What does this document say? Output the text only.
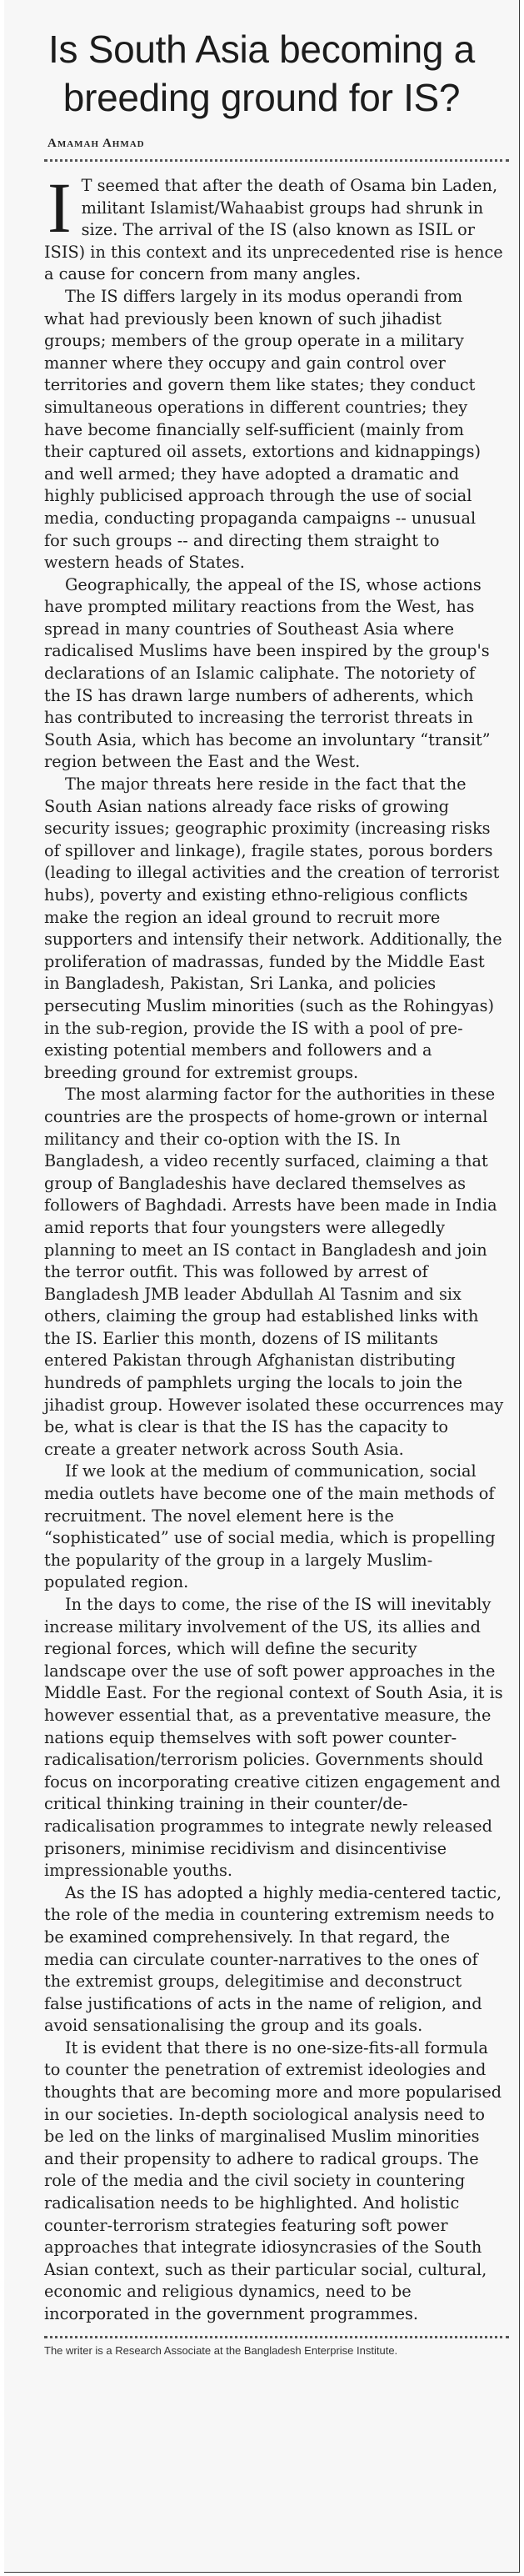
Is South Asia becoming a breeding ground for IS?
Amamah Ahmad

I T seemed that after the death of Osama bin Laden, militant Islamist/Wahaabist groups had shrunk in size. The arrival of the IS (also known as ISIL or ISIS) in this context and its unprecedented rise is hence a cause for concern from many angles.

The IS differs largely in its modus operandi from what had previously been known of such jihadist groups; members of the group operate in a military manner where they occupy and gain control over territories and govern them like states; they conduct simultaneous operations in different countries; they have become financially self-sufficient (mainly from their captured oil assets, extortions and kidnappings) and well armed; they have adopted a dramatic and highly publicised approach through the use of social media, conducting propaganda campaigns -- unusual for such groups -- and directing them straight to western heads of States.

Geographically, the appeal of the IS, whose actions have prompted military reactions from the West, has spread in many countries of Southeast Asia where radicalised Muslims have been inspired by the group's declarations of an Islamic caliphate. The notoriety of the IS has drawn large numbers of adherents, which has contributed to increasing the terrorist threats in South Asia, which has become an involuntary “transit” region between the East and the West.

The major threats here reside in the fact that the South Asian nations already face risks of growing security issues; geographic proximity (increasing risks of spillover and linkage), fragile states, porous borders (leading to illegal activities and the creation of terrorist hubs), poverty and existing ethno-religious conflicts make the region an ideal ground to recruit more supporters and intensify their network. Additionally, the proliferation of madrassas, funded by the Middle East in Bangladesh, Pakistan, Sri Lanka, and policies persecuting Muslim minorities (such as the Rohingyas) in the sub-region, provide the IS with a pool of pre-existing potential members and followers and a breeding ground for extremist groups.

The most alarming factor for the authorities in these countries are the prospects of home-grown or internal militancy and their co-option with the IS. In Bangladesh, a video recently surfaced, claiming a that group of Bangladeshis have declared themselves as followers of Baghdadi. Arrests have been made in India amid reports that four youngsters were allegedly planning to meet an IS contact in Bangladesh and join the terror outfit. This was followed by arrest of Bangladesh JMB leader Abdullah Al Tasnim and six others, claiming the group had established links with the IS. Earlier this month, dozens of IS militants entered Pakistan through Afghanistan distributing hundreds of pamphlets urging the locals to join the jihadist group. However isolated these occurrences may be, what is clear is that the IS has the capacity to create a greater network across South Asia.

If we look at the medium of communication, social media outlets have become one of the main methods of recruitment. The novel element here is the “sophisticated” use of social media, which is propelling the popularity of the group in a largely Muslim-populated region.

In the days to come, the rise of the IS will inevitably increase military involvement of the US, its allies and regional forces, which will define the security landscape over the use of soft power approaches in the Middle East. For the regional context of South Asia, it is however essential that, as a preventative measure, the nations equip themselves with soft power counter-radicalisation/terrorism policies. Governments should focus on incorporating creative citizen engagement and critical thinking training in their counter/de-radicalisation programmes to integrate newly released prisoners, minimise recidivism and disincentivise impressionable youths.

As the IS has adopted a highly media-centered tactic, the role of the media in countering extremism needs to be examined comprehensively. In that regard, the media can circulate counter-narratives to the ones of the extremist groups, delegitimise and deconstruct false justifications of acts in the name of religion, and avoid sensationalising the group and its goals.

It is evident that there is no one-size-fits-all formula to counter the penetration of extremist ideologies and thoughts that are becoming more and more popularised in our societies. In-depth sociological analysis need to be led on the links of marginalised Muslim minorities and their propensity to adhere to radical groups. The role of the media and the civil society in countering radicalisation needs to be highlighted. And holistic counter-terrorism strategies featuring soft power approaches that integrate idiosyncrasies of the South Asian context, such as their particular social, cultural, economic and religious dynamics, need to be incorporated in the government programmes.

The writer is a Research Associate at the Bangladesh Enterprise Institute.
